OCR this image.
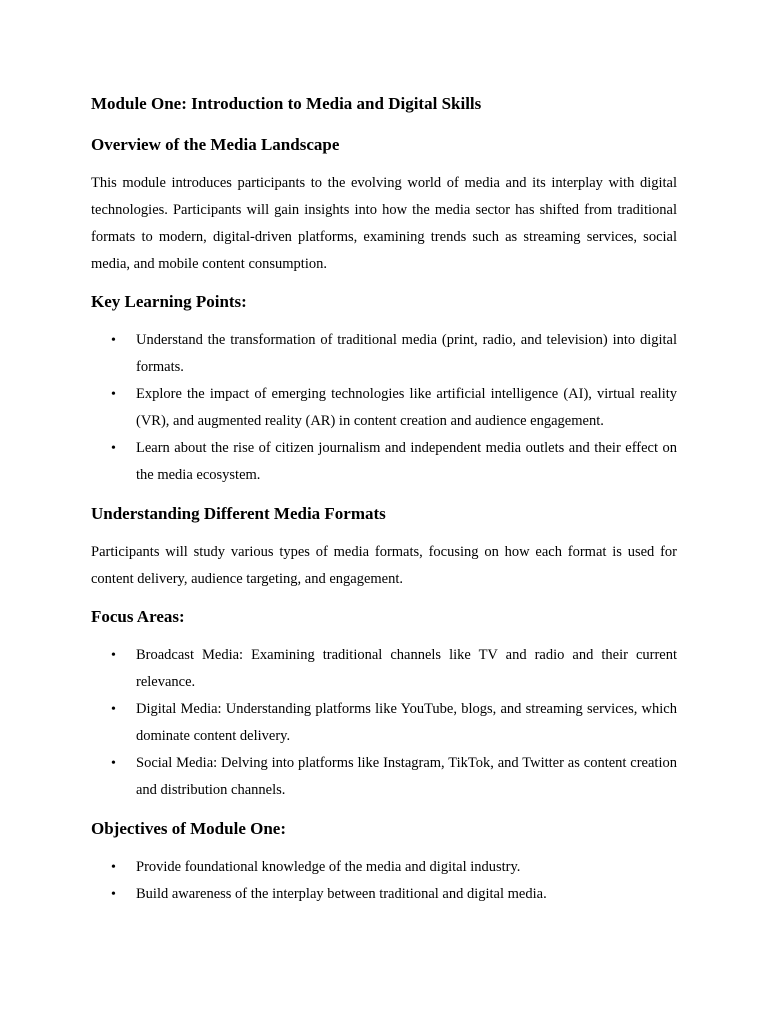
Module One: Introduction to Media and Digital Skills
Overview of the Media Landscape

This module introduces participants to the evolving world of media and its interplay with digital technologies. Participants will gain insights into how the media sector has shifted from traditional formats to modern, digital-driven platforms, examining trends such as streaming services, social media, and mobile content consumption.

Key Learning Points:
• Understand the transformation of traditional media (print, radio, and television) into digital formats.
• Explore the impact of emerging technologies like artificial intelligence (AI), virtual reality (VR), and augmented reality (AR) in content creation and audience engagement.
• Learn about the rise of citizen journalism and independent media outlets and their effect on the media ecosystem.
Understanding Different Media Formats

Participants will study various types of media formats, focusing on how each format is used for content delivery, audience targeting, and engagement.

Focus Areas:
• Broadcast Media: Examining traditional channels like TV and radio and their current relevance.
• Digital Media: Understanding platforms like YouTube, blogs, and streaming services, which dominate content delivery.
• Social Media: Delving into platforms like Instagram, TikTok, and Twitter as content creation and distribution channels.
Objectives of Module One:
• Provide foundational knowledge of the media and digital industry.
• Build awareness of the interplay between traditional and digital media.
